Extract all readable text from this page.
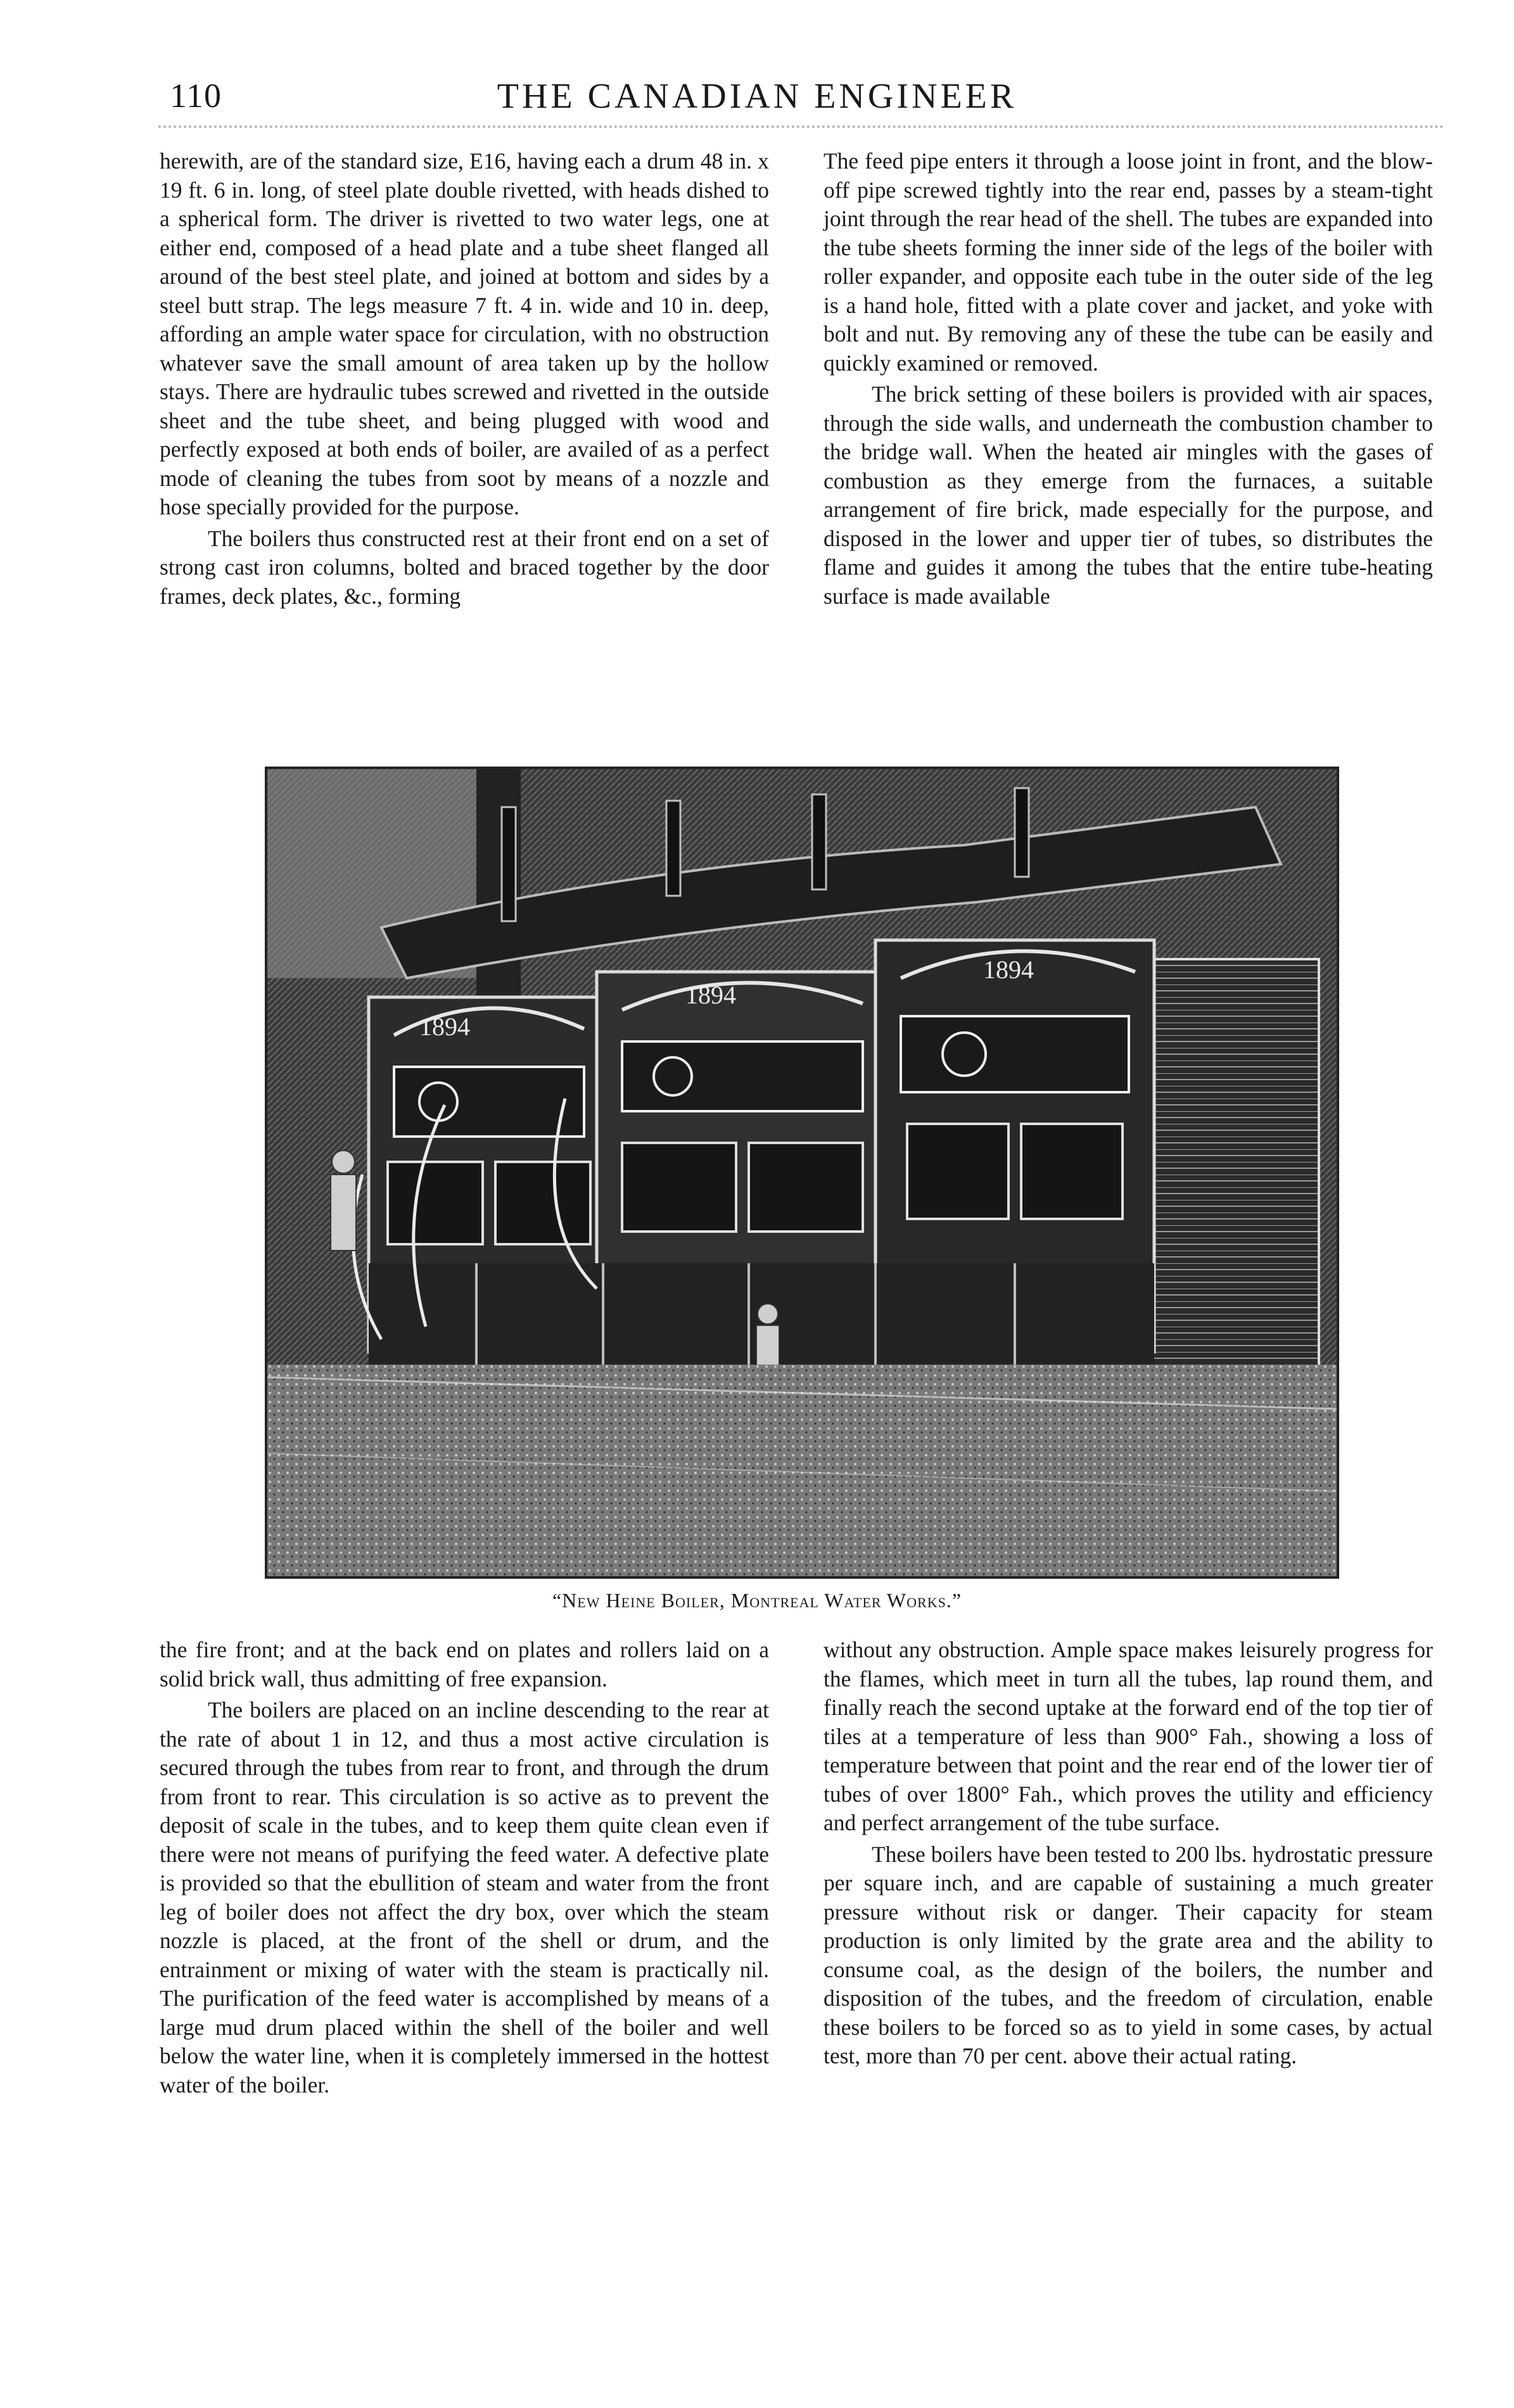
110	THE CANADIAN ENGINEER

herewith, are of the standard size, E16, having each a drum 48 in. x 19 ft. 6 in. long, of steel plate double rivetted, with heads dished to a spherical form. The driver is rivetted to two water legs, one at either end, composed of a head plate and a tube sheet flanged all around of the best steel plate, and joined at bottom and sides by a steel butt strap. The legs measure 7 ft. 4 in. wide and 10 in. deep, affording an ample water space for circulation, with no obstruction whatever save the small amount of area taken up by the hollow stays. There are hydraulic tubes screwed and rivetted in the outside sheet and the tube sheet, and being plugged with wood and perfectly exposed at both ends of boiler, are availed of as a perfect mode of cleaning the tubes from soot by means of a nozzle and hose specially provided for the purpose.

The boilers thus constructed rest at their front end on a set of strong cast iron columns, bolted and braced together by the door frames, deck plates, &c., forming

The feed pipe enters it through a loose joint in front, and the blow-off pipe screwed tightly into the rear end, passes by a steam-tight joint through the rear head of the shell. The tubes are expanded into the tube sheets forming the inner side of the legs of the boiler with roller expander, and opposite each tube in the outer side of the leg is a hand hole, fitted with a plate cover and jacket, and yoke with bolt and nut. By removing any of these the tube can be easily and quickly examined or removed.

The brick setting of these boilers is provided with air spaces, through the side walls, and underneath the combustion chamber to the bridge wall. When the heated air mingles with the gases of combustion as they emerge from the furnaces, a suitable arrangement of fire brick, made especially for the purpose, and disposed in the lower and upper tier of tubes, so distributes the flame and guides it among the tubes that the entire tube-heating surface is made available

1894
1894
1894
“New Heine Boiler, Montreal Water Works.”

the fire front; and at the back end on plates and rollers laid on a solid brick wall, thus admitting of free expansion.

The boilers are placed on an incline descending to the rear at the rate of about 1 in 12, and thus a most active circulation is secured through the tubes from rear to front, and through the drum from front to rear. This circulation is so active as to prevent the deposit of scale in the tubes, and to keep them quite clean even if there were not means of purifying the feed water. A defective plate is provided so that the ebullition of steam and water from the front leg of boiler does not affect the dry box, over which the steam nozzle is placed, at the front of the shell or drum, and the entrainment or mixing of water with the steam is practically nil. The purification of the feed water is accomplished by means of a large mud drum placed within the shell of the boiler and well below the water line, when it is completely immersed in the hottest water of the boiler.

without any obstruction. Ample space makes leisurely progress for the flames, which meet in turn all the tubes, lap round them, and finally reach the second uptake at the forward end of the top tier of tiles at a temperature of less than 900° Fah., showing a loss of temperature between that point and the rear end of the lower tier of tubes of over 1800° Fah., which proves the utility and efficiency and perfect arrangement of the tube surface.

These boilers have been tested to 200 lbs. hydrostatic pressure per square inch, and are capable of sustaining a much greater pressure without risk or danger. Their capacity for steam production is only limited by the grate area and the ability to consume coal, as the design of the boilers, the number and disposition of the tubes, and the freedom of circulation, enable these boilers to be forced so as to yield in some cases, by actual test, more than 70 per cent. above their actual rating.
